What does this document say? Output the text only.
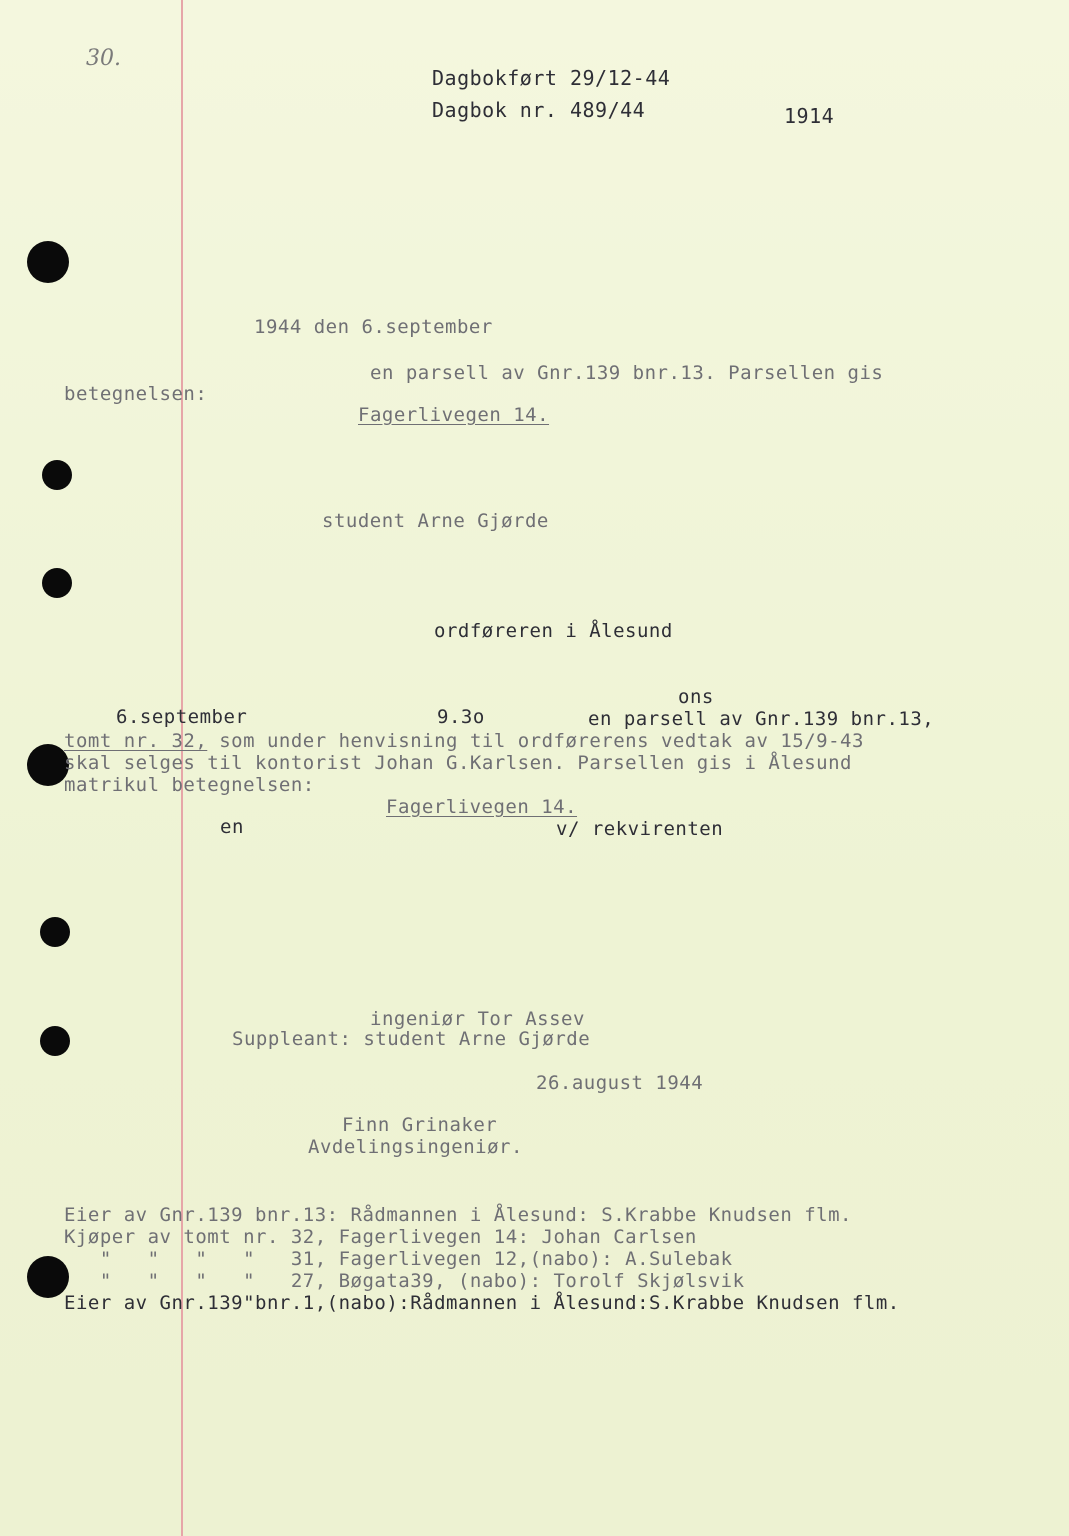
30.
Dagbokført 29/12-44
Dagbok nr. 489/44	1914
1944 den 6.september
en parsell av Gnr.139 bnr.13. Parsellen gis
betegnelsen:
Fagerlivegen 14.
student Arne Gjørde
ordføreren i Ålesund
ons
6.september	9.3o	en parsell av Gnr.139 bnr.13,
tomt nr. 32, som under henvisning til ordførerens vedtak av 15/9-43
skal selges til kontorist Johan G.Karlsen. Parsellen gis i Ålesund
matrikul betegnelsen:
Fagerlivegen 14.
en	v/ rekvirenten
ingeniør Tor Assev
Suppleant: student Arne Gjørde
26.august 1944
Finn Grinaker
Avdelingsingeniør.
Eier av Gnr.139 bnr.13: Rådmannen i Ålesund: S.Krabbe Knudsen flm.
Kjøper av tomt nr. 32, Fagerlivegen 14: Johan Carlsen
"   "   "   "   31, Fagerlivegen 12,(nabo): A.Sulebak
"   "   "   "   27, Bøgata39, (nabo): Torolf Skjølsvik
Eier av Gnr.139"bnr.1,(nabo):Rådmannen i Ålesund:S.Krabbe Knudsen flm.
